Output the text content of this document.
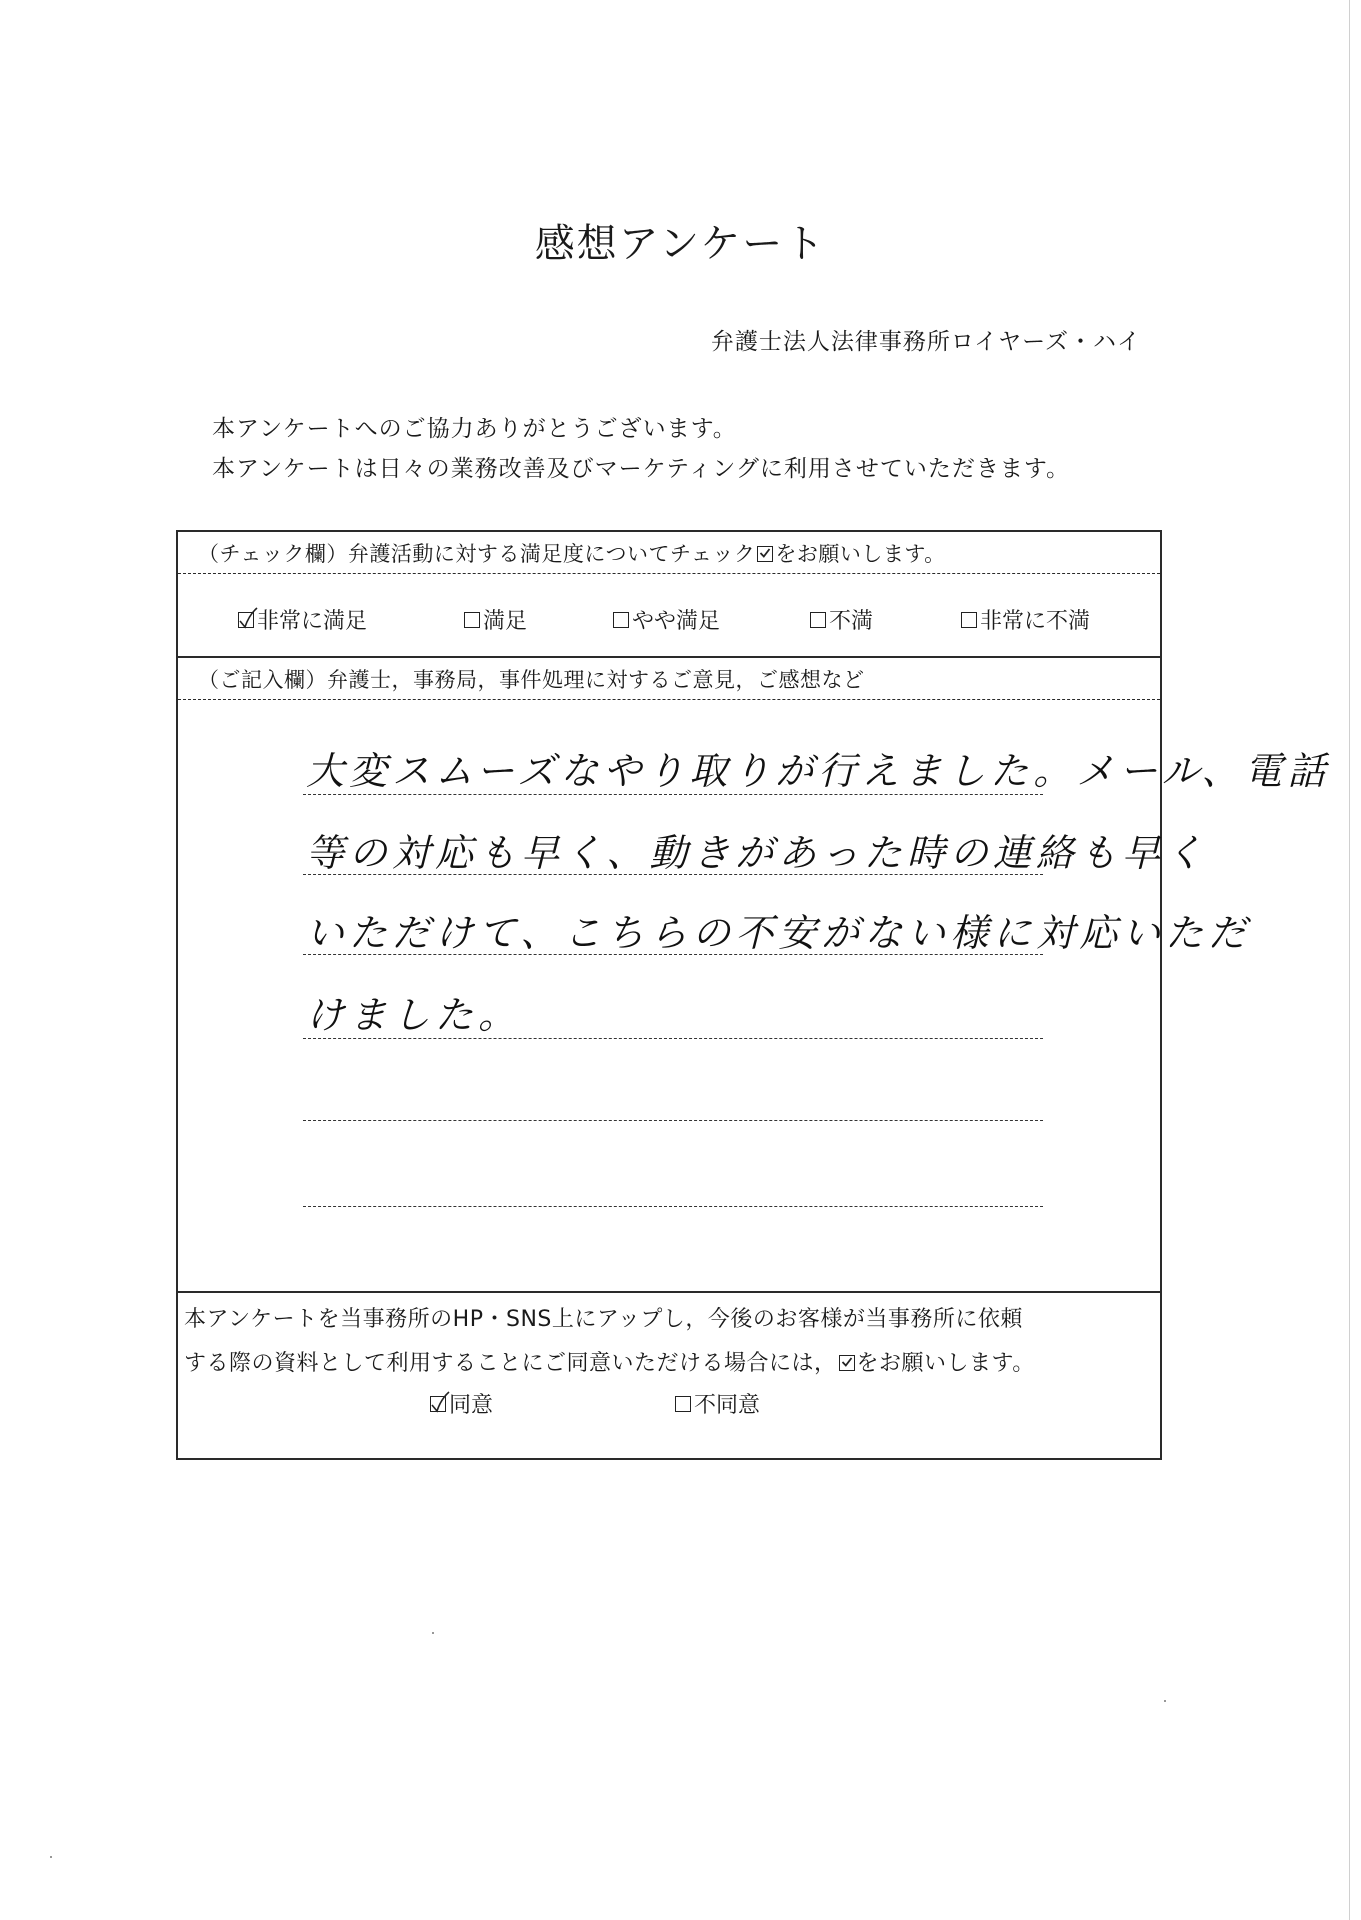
感想アンケート
弁護士法人法律事務所ロイヤーズ・ハイ
本アンケートへのご協力ありがとうございます。
本アンケートは日々の業務改善及びマーケティングに利用させていただきます。
（チェック欄）弁護活動に対する満足度についてチェック をお願いします。
非常に満足	満足	やや満足	不満	非常に不満
（ご記入欄）弁護士，事務局，事件処理に対するご意見，ご感想など
大変スムーズなやり取りが行えました。メール、電話
等の対応も早く、動きがあった時の連絡も早く
いただけて、こちらの不安がない様に対応いただ
けました。
本アンケートを当事務所のHP・SNS上にアップし，今後のお客様が当事務所に依頼
する際の資料として利用することにご同意いただける場合には， をお願いします。
同意	不同意
